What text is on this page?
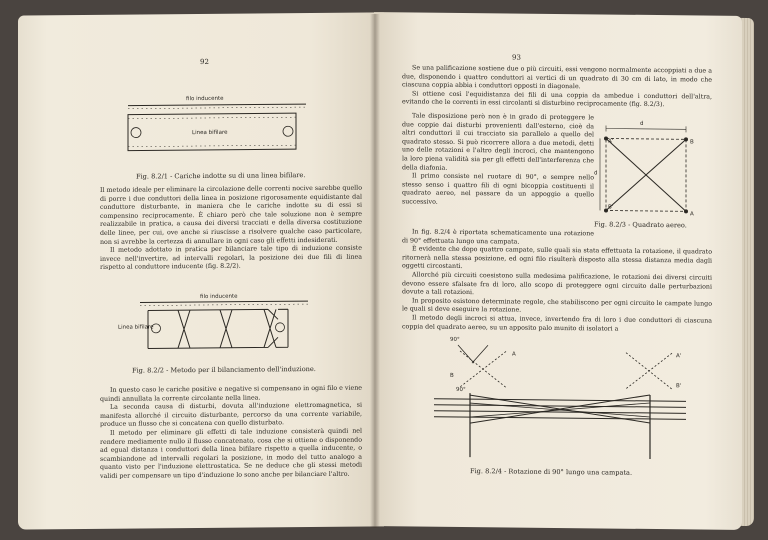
92
filo inducente
Linea bifilare
Fig. 8.2/1 - Cariche indotte su di una linea bifilare.

Il metodo ideale per eliminare la circolazione delle correnti nocive sarebbe quello di porre i due conduttori della linea in posizione rigorosamente equidistante dal conduttore disturbante, in maniera che le cariche indotte su di essi si compensino reciprocamente. È chiaro però che tale soluzione non è sempre realizzabile in pratica, a causa dei diversi tracciati e della diversa costituzione delle linee, per cui, ove anche si riuscisse a risolvere qualche caso particolare, non si avrebbe la certezza di annullare in ogni caso gli effetti indesiderati.

Il metodo adottato in pratica per bilanciare tale tipo di induzione consiste invece nell'invertire, ad intervalli regolari, la posizione dei due fili di linea rispetto al conduttore inducente (fig. 8.2/2).

filo inducente
Linea bifilare
Fig. 8.2/2 - Metodo per il bilanciamento dell'induzione.

In questo caso le cariche positive e negative si compensano in ogni filo e viene quindi annullata la corrente circolante nella linea.

La seconda causa di disturbi, dovuta all'induzione elettromagnetica, si manifesta allorché il circuito disturbante, percorso da una corrente variabile, produce un flusso che si concatena con quello disturbato.

Il metodo per eliminare gli effetti di tale induzione consisterà quindi nel rendere mediamente nullo il flusso concatenato, cosa che si ottiene o disponendo ad egual distanza i conduttori della linea bifilare rispetto a quella inducente, o scambiandone ad intervalli regolari la posizione, in modo del tutto analogo a quanto visto per l'induzione elettrostatica. Se ne deduce che gli stessi metodi validi per compensare un tipo d'induzione lo sono anche per bilanciare l'altro.

93

Se una palificazione sostiene due o più circuiti, essi vengono normalmente accoppiati a due a due, disponendo i quattro conduttori ai vertici di un quadrato di 30 cm di lato, in modo che ciascuna coppia abbia i conduttori opposti in diagonale.

Si ottiene così l'equidistanza dei fili di una coppia da ambedue i conduttori dell'altra, evitando che le correnti in essi circolanti si disturbino reciprocamente (fig. 8.2/3).

Tale disposizione però non è in grado di proteggere le due coppie dai disturbi provenienti dall'esterno, cioè da altri conduttori il cui tracciato sia parallelo a quello del quadrato stesso. Si può ricorrere allora a due metodi, detti uno delle rotazioni e l'altro degli incroci, che mantengono la loro piena validità sia per gli effetti dell'interferenza che della diafonia.

Il primo consiste nel ruotare di 90°, e sempre nello stesso senso i quattro fili di ogni bicoppia costituenti il quadrato aereo, nel passare da un appoggio a quello successivo.

d
d
A'	B
B'
A
Fig. 8.2/3 - Quadrato aereo.

In fig. 8.2/4 è riportata schematicamente una rotazione di 90° effettuata lungo una campata.

È evidente che dopo quattro campate, sulle quali sia stata effettuata la rotazione, il quadrato ritornerà nella stessa posizione, ed ogni filo risulterà disposto alla stessa distanza media dagli oggetti circostanti.

Allorché più circuiti coesistono sulla medesima palificazione, le rotazioni dei diversi circuiti devono essere sfalsate fra di loro, allo scopo di proteggere ogni circuito dalle perturbazioni dovute a tali rotazioni.

In proposito esistono determinate regole, che stabiliscono per ogni circuito le campate lungo le quali si deve eseguire la rotazione.

Il metodo degli incroci si attua, invece, invertendo fra di loro i due conduttori di ciascuna coppia del quadrato aereo, su un apposito palo munito di isolatori a

90°
90°
A
B
A'
B'
Fig. 8.2/4 - Rotazione di 90° lungo una campata.
